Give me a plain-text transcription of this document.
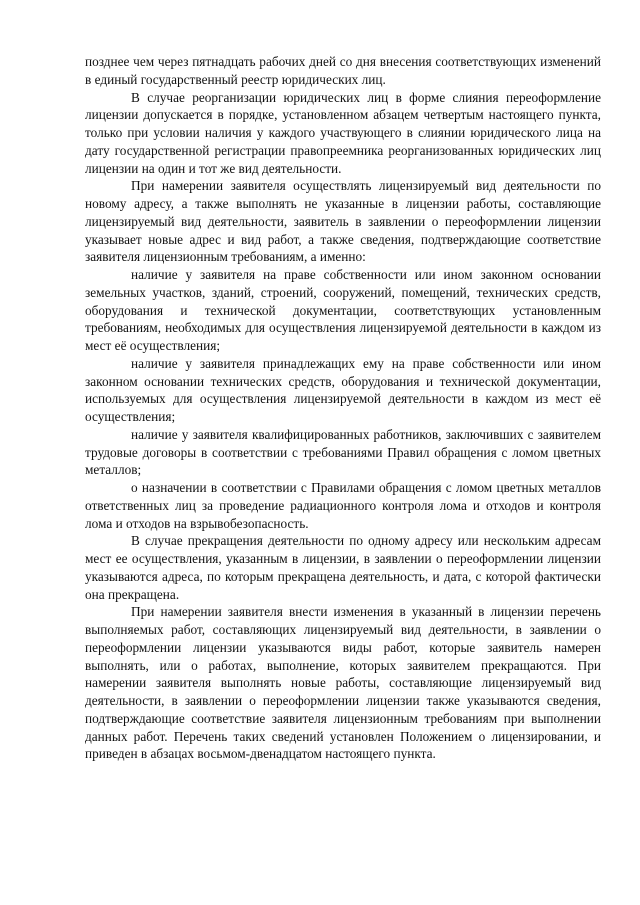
позднее чем через пятнадцать рабочих дней со дня внесения соответствующих изменений в единый государственный реестр юридических лиц.

В случае реорганизации юридических лиц в форме слияния переоформление лицензии допускается в порядке, установленном абзацем четвертым настоящего пункта, только при условии наличия у каждого участвующего в слиянии юридического лица на дату государственной регистрации правопреемника реорганизованных юридических лиц лицензии на один и тот же вид деятельности.

При намерении заявителя осуществлять лицензируемый вид деятельности по новому адресу, а также выполнять не указанные в лицензии работы, составляющие лицензируемый вид деятельности, заявитель в заявлении о переоформлении лицензии указывает новые адрес и вид работ, а также сведения, подтверждающие соответствие заявителя лицензионным требованиям, а именно:

наличие у заявителя на праве собственности или ином законном основании земельных участков, зданий, строений, сооружений, помещений, технических средств, оборудования и технической документации, соответствующих установленным требованиям, необходимых для осуществления лицензируемой деятельности в каждом из мест её осуществления;

наличие у заявителя принадлежащих ему на праве собственности или ином законном основании технических средств, оборудования и технической документации, используемых для осуществления лицензируемой деятельности в каждом из мест её осуществления;

наличие у заявителя квалифицированных работников, заключивших с заявителем трудовые договоры в соответствии с требованиями Правил обращения с ломом цветных металлов;

о назначении в соответствии с Правилами обращения с ломом цветных металлов ответственных лиц за проведение радиационного контроля лома и отходов и контроля лома и отходов на взрывобезопасность.

В случае прекращения деятельности по одному адресу или нескольким адресам мест ее осуществления, указанным в лицензии, в заявлении о переоформлении лицензии указываются адреса, по которым прекращена деятельность, и дата, с которой фактически она прекращена.

При намерении заявителя внести изменения в указанный в лицензии перечень выполняемых работ, составляющих лицензируемый вид деятельности, в заявлении о переоформлении лицензии указываются виды работ, которые заявитель намерен выполнять, или о работах, выполнение, которых заявителем прекращаются. При намерении заявителя выполнять новые работы, составляющие лицензируемый вид деятельности, в заявлении о переоформлении лицензии также указываются сведения, подтверждающие соответствие заявителя лицензионным требованиям при выполнении данных работ. Перечень таких сведений установлен Положением о лицензировании, и приведен в абзацах восьмом-двенадцатом настоящего пункта.
